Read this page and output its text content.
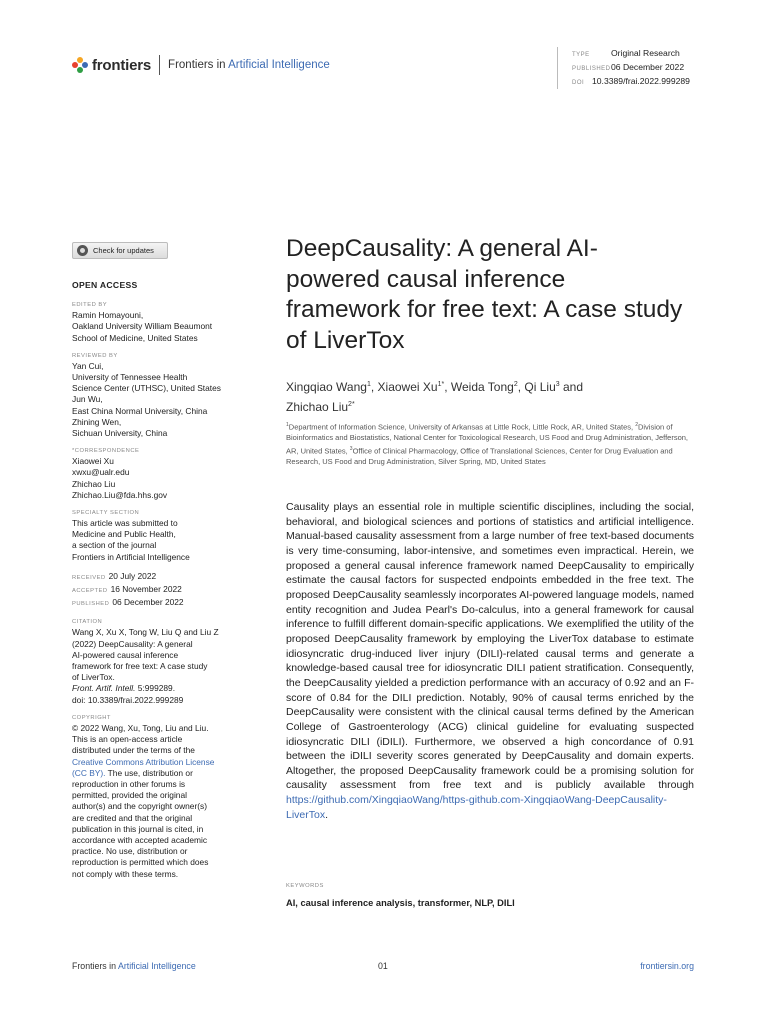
frontiers Frontiers in Artificial Intelligence
TYPE Original Research
PUBLISHED06 December 2022
DOI 10.3389/frai.2022.999289
Check for updates
OPEN ACCESS
EDITED BY
Ramin Homayouni,
Oakland University William Beaumont
School of Medicine, United States
REVIEWED BY
Yan Cui,
University of Tennessee Health
Science Center (UTHSC), United States
Jun Wu,
East China Normal University, China
Zhining Wen,
Sichuan University, China
*CORRESPONDENCE
Xiaowei Xu
xwxu@ualr.edu
Zhichao Liu
Zhichao.Liu@fda.hhs.gov
SPECIALTY SECTION
This article was submitted to
Medicine and Public Health,
a section of the journal
Frontiers in Artificial Intelligence
RECEIVED 20 July 2022
ACCEPTED 16 November 2022
PUBLISHED 06 December 2022
CITATION
Wang X, Xu X, Tong W, Liu Q and Liu Z
(2022) DeepCausality: A general
AI-powered causal inference
framework for free text: A case study
of LiverTox.
Front. Artif. Intell. 5:999289.
doi: 10.3389/frai.2022.999289
COPYRIGHT
© 2022 Wang, Xu, Tong, Liu and Liu.
This is an open-access article
distributed under the terms of the
Creative Commons Attribution License
(CC BY). The use, distribution or
reproduction in other forums is
permitted, provided the original
author(s) and the copyright owner(s)
are credited and that the original
publication in this journal is cited, in
accordance with accepted academic
practice. No use, distribution or
reproduction is permitted which does
not comply with these terms.
DeepCausality: A general AI-powered causal inference framework for free text: A case study of LiverTox
Xingqiao Wang$^1$, Xiaowei $Xu^{1*}$, Weida Tong$^2$, Qi Liu$^3$ and
Zhichao Liu$^{2*}$
$^1$Department of Information Science, University of Arkansas at Little Rock, Little Rock, AR, United States, $^2$Division of Bioinformatics and Biostatistics, National Center for Toxicological Research, US Food and Drug Administration, Jefferson, AR, United States, $^3$Office of Clinical Pharmacology, Office of Translational Sciences, Center for Drug Evaluation and Research, US Food and Drug Administration, Silver Spring, MD, United States
Causality plays an essential role in multiple scientific disciplines, including the social, behavioral, and biological sciences and portions of statistics and artificial intelligence. Manual-based causality assessment from a large number of free text-based documents is very time-consuming, labor-intensive, and sometimes even impractical. Herein, we proposed a general causal inference framework named DeepCausality to empirically estimate the causal factors for suspected endpoints embedded in the free text. The proposed DeepCausality seamlessly incorporates AI-powered language models, named entity recognition and Judea Pearl's Do-calculus, into a general framework for causal inference to fulfill different domain-specific applications. We exemplified the utility of the proposed DeepCausality framework by employing the LiverTox database to estimate idiosyncratic drug-induced liver injury (DILI)-related causal terms and generate a knowledge-based causal tree for idiosyncratic DILI patient stratification. Consequently, the DeepCausality yielded a prediction performance with an accuracy of 0.92 and an F-score of 0.84 for the DILI prediction. Notably, 90% of causal terms enriched by the DeepCausality were consistent with the clinical causal terms defined by the American College of Gastroenterology (ACG) clinical guideline for evaluating suspected idiosyncratic DILI (iDILI). Furthermore, we observed a high concordance of 0.91 between the iDILI severity scores generated by DeepCausality and domain experts. Altogether, the proposed DeepCausality framework could be a promising solution for causality assessment from free text and is publicly available through https://github.com/XingqiaoWang/https-github.com-XingqiaoWang-DeepCausality-LiverTox.
KEYWORDS
AI, causal inference analysis, transformer, NLP, DILI
Frontiers in Artificial Intelligence	01	frontiersin.org
